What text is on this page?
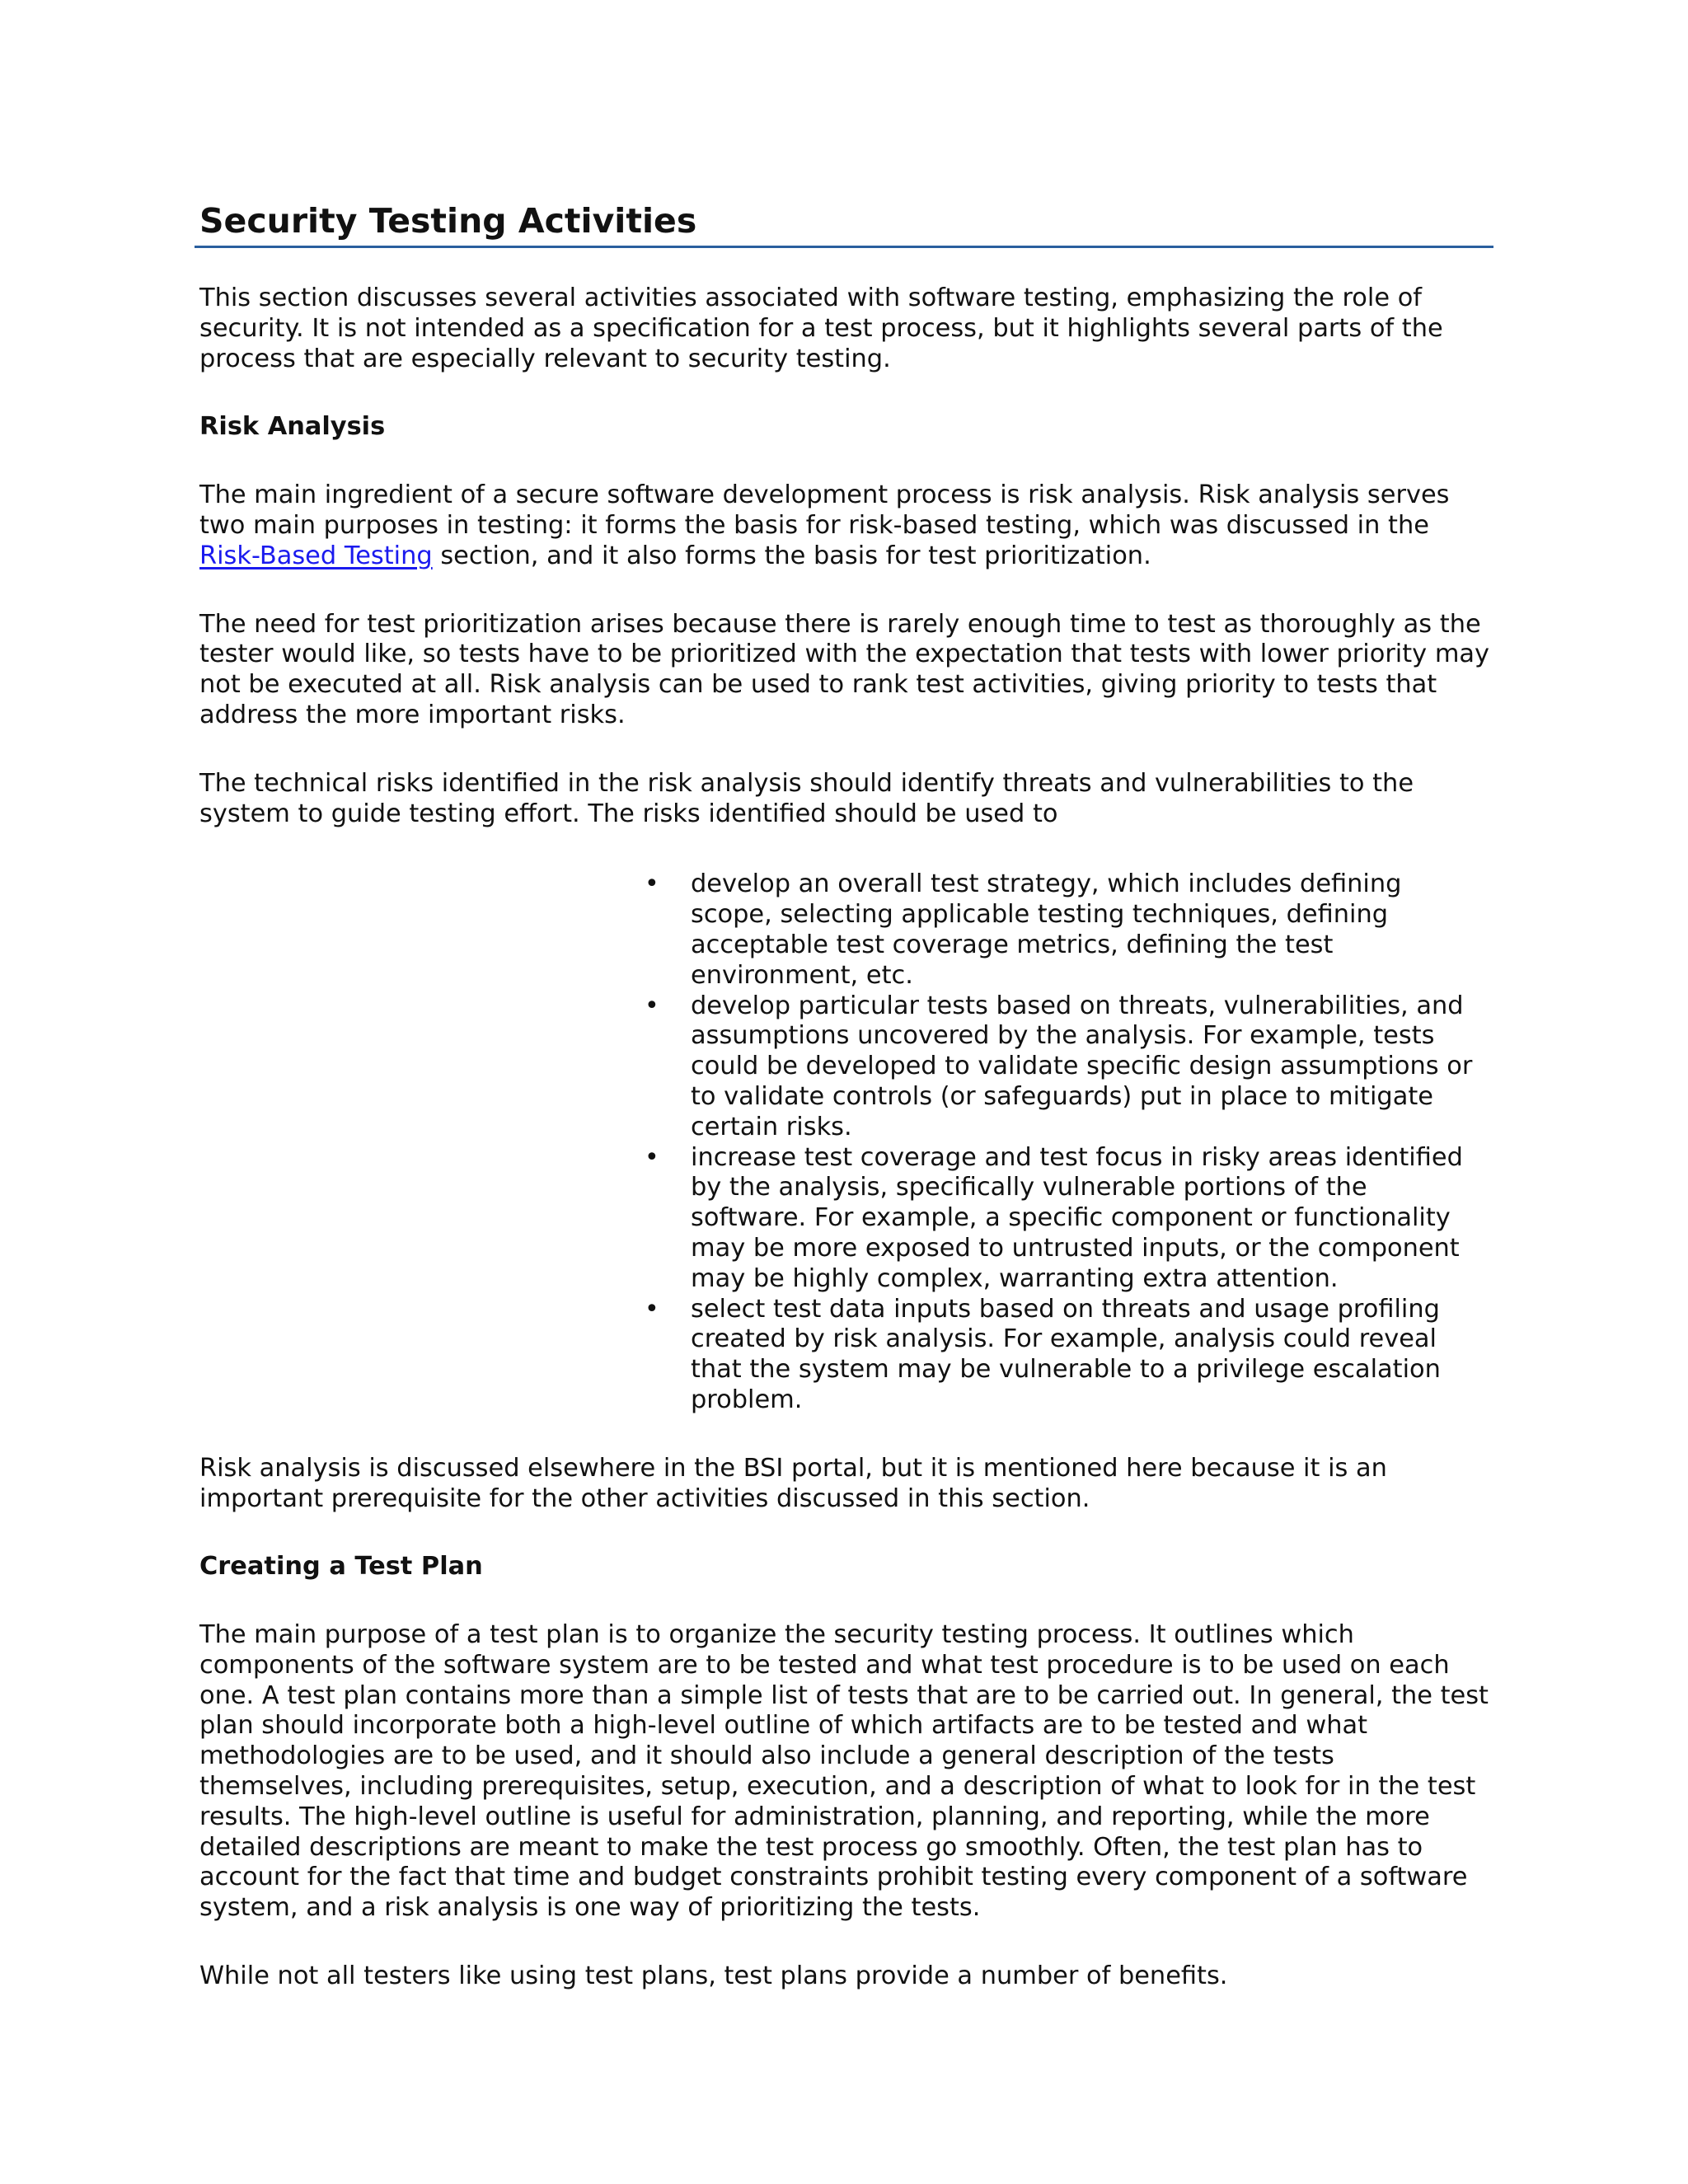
Security Testing Activities

This section discusses several activities associated with software testing, emphasizing the role of security. It is not intended as a specification for a test process, but it highlights several parts of the process that are especially relevant to security testing.

Risk Analysis

The main ingredient of a secure software development process is risk analysis. Risk analysis serves two main purposes in testing: it forms the basis for risk-based testing, which was discussed in the Risk-Based Testing section, and it also forms the basis for test prioritization.

The need for test prioritization arises because there is rarely enough time to test as thoroughly as the tester would like, so tests have to be prioritized with the expectation that tests with lower priority may not be executed at all. Risk analysis can be used to rank test activities, giving priority to tests that address the more important risks.

The technical risks identified in the risk analysis should identify threats and vulnerabilities to the system to guide testing effort. The risks identified should be used to

• develop an overall test strategy, which includes defining scope, selecting applicable testing techniques, defining acceptable test coverage metrics, defining the test environment, etc.
• develop particular tests based on threats, vulnerabilities, and assumptions uncovered by the analysis. For example, tests could be developed to validate specific design assumptions or to validate controls (or safeguards) put in place to mitigate certain risks.
• increase test coverage and test focus in risky areas identified by the analysis, specifically vulnerable portions of the software. For example, a specific component or functionality may be more exposed to untrusted inputs, or the component may be highly complex, warranting extra attention.
• select test data inputs based on threats and usage profiling created by risk analysis. For example, analysis could reveal that the system may be vulnerable to a privilege escalation problem.

Risk analysis is discussed elsewhere in the BSI portal, but it is mentioned here because it is an important prerequisite for the other activities discussed in this section.

Creating a Test Plan

The main purpose of a test plan is to organize the security testing process. It outlines which components of the software system are to be tested and what test procedure is to be used on each one. A test plan contains more than a simple list of tests that are to be carried out. In general, the test plan should incorporate both a high-level outline of which artifacts are to be tested and what methodologies are to be used, and it should also include a general description of the tests themselves, including prerequisites, setup, execution, and a description of what to look for in the test results. The high-level outline is useful for administration, planning, and reporting, while the more detailed descriptions are meant to make the test process go smoothly. Often, the test plan has to account for the fact that time and budget constraints prohibit testing every component of a software system, and a risk analysis is one way of prioritizing the tests.

While not all testers like using test plans, test plans provide a number of benefits.
